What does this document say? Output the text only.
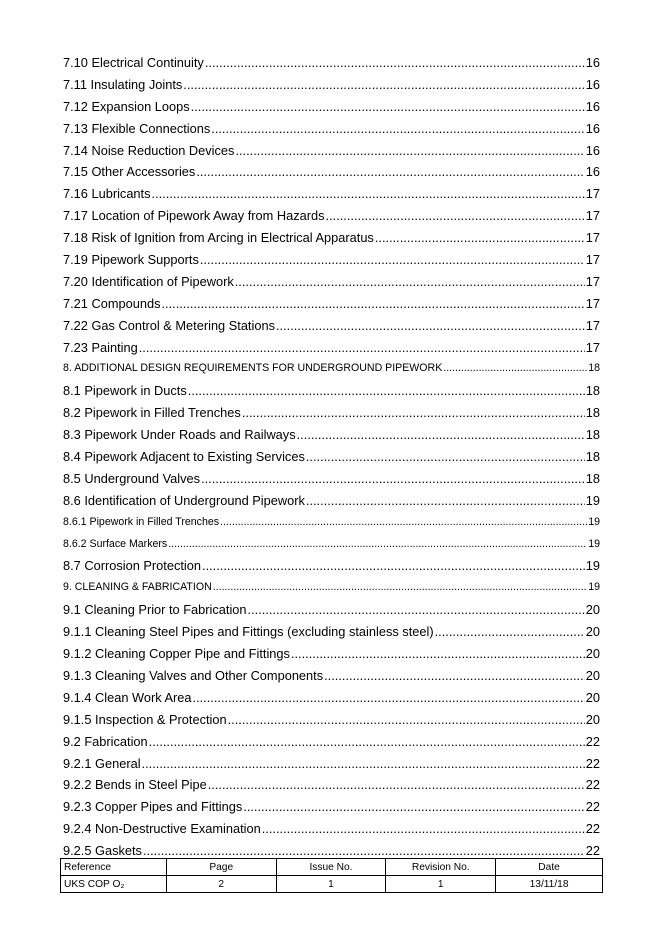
7.10 Electrical Continuity .....	16
7.11 Insulating Joints .....	16
7.12 Expansion Loops .....	16
7.13 Flexible Connections .....	16
7.14 Noise Reduction Devices .....	16
7.15 Other Accessories .....	16
7.16 Lubricants .....	17
7.17 Location of Pipework Away from Hazards .....	17
7.18 Risk of Ignition from Arcing in Electrical Apparatus .....	17
7.19 Pipework Supports .....	17
7.20 Identification of Pipework .....	17
7.21 Compounds .....	17
7.22 Gas Control & Metering Stations .....	17
7.23 Painting .....	17
8. ADDITIONAL DESIGN REQUIREMENTS FOR UNDERGROUND PIPEWORK .....	18
8.1 Pipework in Ducts .....	18
8.2 Pipework in Filled Trenches .....	18
8.3 Pipework Under Roads and Railways .....	18
8.4 Pipework Adjacent to Existing Services .....	18
8.5 Underground Valves .....	18
8.6 Identification of Underground Pipework .....	19
8.6.1 Pipework in Filled Trenches .....	19
8.6.2 Surface Markers .....	19
8.7 Corrosion Protection .....	19
9. CLEANING & FABRICATION .....	19
9.1 Cleaning Prior to Fabrication .....	20
9.1.1 Cleaning Steel Pipes and Fittings (excluding stainless steel) .....	20
9.1.2 Cleaning Copper Pipe and Fittings .....	20
9.1.3 Cleaning Valves and Other Components .....	20
9.1.4 Clean Work Area .....	20
9.1.5 Inspection & Protection .....	20
9.2 Fabrication .....	22
9.2.1 General .....	22
9.2.2 Bends in Steel Pipe .....	22
9.2.3 Copper Pipes and Fittings .....	22
9.2.4 Non-Destructive Examination .....	22
9.2.5 Gaskets .....	22
Reference	Page	Issue No.	Revision No.	Date
UKS COP O₂	2	1	1	13/11/18
